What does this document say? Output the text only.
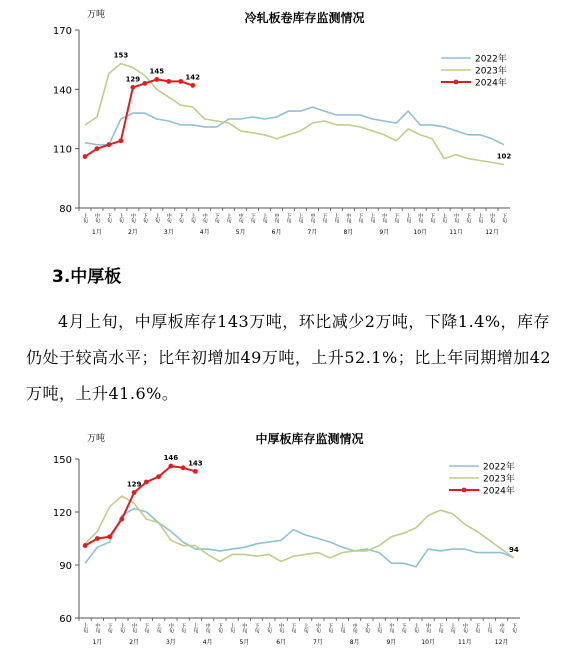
冷轧板卷库存监测情况
万吨
80
110
140
170
上旬 中旬 下旬 上旬 中旬 下旬 上旬 中旬 下旬 上旬 中旬 下旬 上旬 中旬 下旬 上旬 中旬 下旬 上旬 中旬 下旬 上旬 中旬 下旬 上旬 中旬 下旬 上旬 中旬 下旬 上旬 中旬 下旬 上旬 中旬 下旬
1月	2月	3月	4月	5月	6月	7月	8月	9月	10月	11月	12月
153
129
145
142
102
2022年
2023年
2024年
3.中厚板
4月上旬，中厚板库存143万吨，环比减少2万吨，下降1.4%，库存仍处于较高水平；比年初增加49万吨，上升52.1%；比上年同期增加42万吨，上升41.6%。
中厚板库存监测情况
万吨
60
90
120
150
上旬 中旬 下旬 上旬 中旬 下旬 上旬 中旬 下旬 上旬 中旬 下旬 上旬 中旬 下旬 上旬 中旬 下旬 上旬 中旬 下旬 上旬 中旬 下旬 上旬 中旬 下旬 上旬 中旬 下旬 上旬 中旬 下旬 上旬 中旬 下旬
1月	2月	3月	4月	5月	6月	7月	8月	9月	10月	11月	12月
129
146
143
94
2022年
2023年
2024年
